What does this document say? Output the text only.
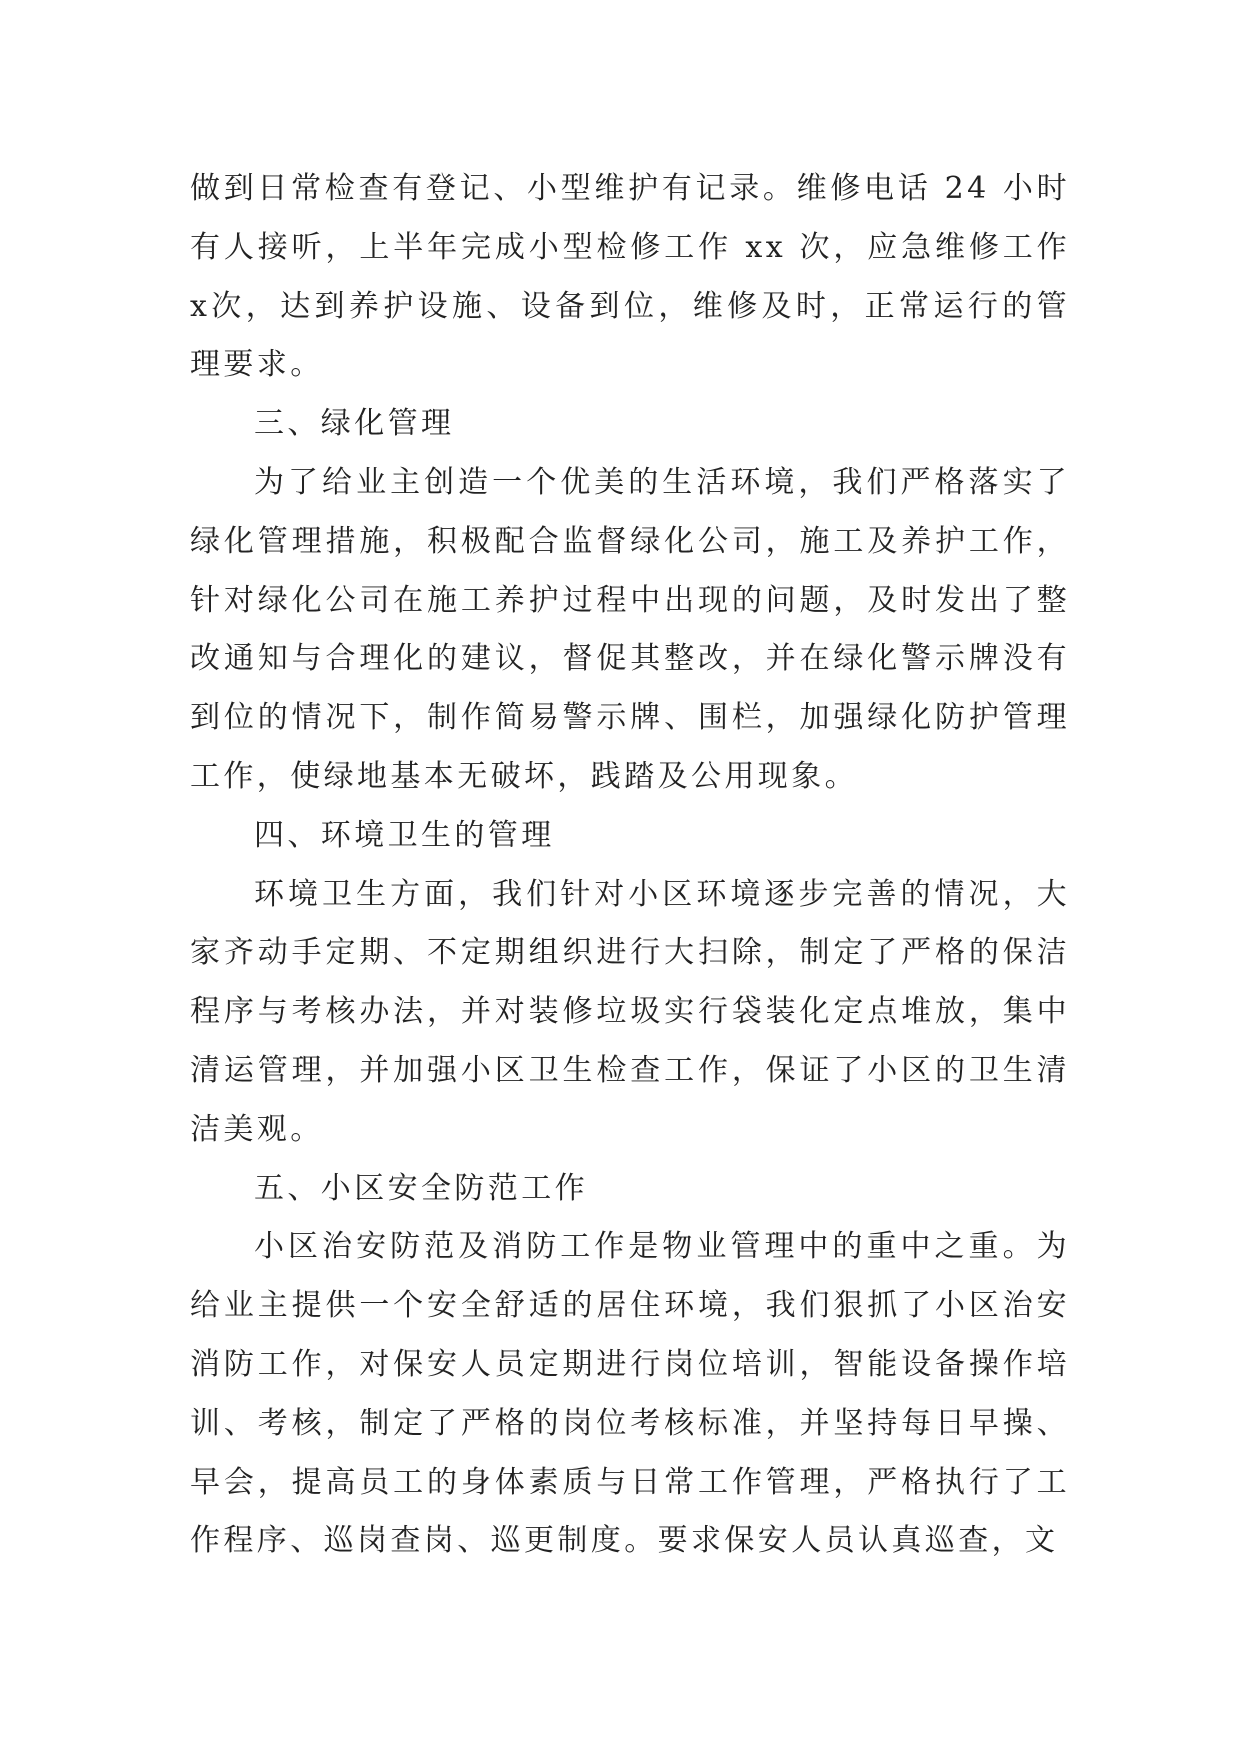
做到日常检查有登记、小型维护有记录。维修电话 24 小时有人接听，上半年完成小型检修工作 xx 次，应急维修工作 x次，达到养护设施、设备到位，维修及时，正常运行的管理要求。

三、绿化管理

为了给业主创造一个优美的生活环境，我们严格落实了绿化管理措施，积极配合监督绿化公司，施工及养护工作，针对绿化公司在施工养护过程中出现的问题，及时发出了整改通知与合理化的建议，督促其整改，并在绿化警示牌没有到位的情况下，制作简易警示牌、围栏，加强绿化防护管理工作，使绿地基本无破坏，践踏及公用现象。

四、环境卫生的管理

环境卫生方面，我们针对小区环境逐步完善的情况，大家齐动手定期、不定期组织进行大扫除，制定了严格的保洁程序与考核办法，并对装修垃圾实行袋装化定点堆放，集中清运管理，并加强小区卫生检查工作，保证了小区的卫生清洁美观。

五、小区安全防范工作

小区治安防范及消防工作是物业管理中的重中之重。为给业主提供一个安全舒适的居住环境，我们狠抓了小区治安消防工作，对保安人员定期进行岗位培训，智能设备操作培训、考核，制定了严格的岗位考核标准，并坚持每日早操、早会，提高员工的身体素质与日常工作管理，严格执行了工作程序、巡岗查岗、巡更制度。要求保安人员认真巡查，文
